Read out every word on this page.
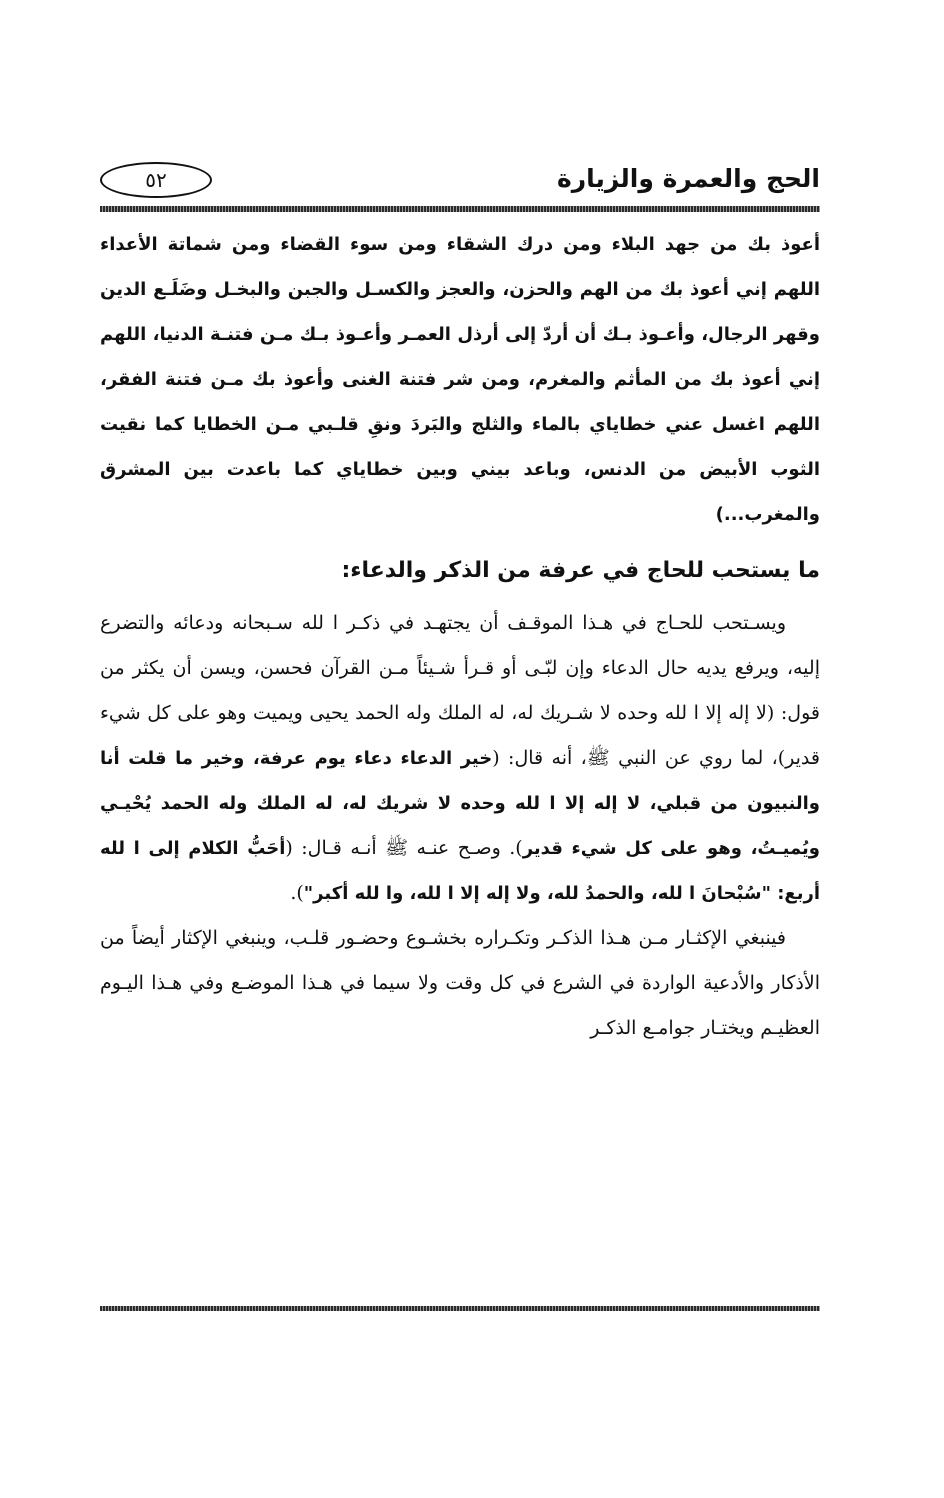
الحج والعمرة والزيارة
٥٢

أعوذ بك من جهد البلاء ومن درك الشقاء ومن سوء القضاء ومن شماتة الأعداء اللهم إني أعوذ بك من الهم والحزن، والعجز والكسـل والجبن والبخـل وضَلَـع الدين وقهر الرجال، وأعـوذ بـك أن أردّ إلى أرذل العمـر وأعـوذ بـك مـن فتنـة الدنيا، اللهم إني أعوذ بك من المأثم والمغرم، ومن شر فتنة الغنى وأعوذ بك مـن فتنة الفقر، اللهم اغسل عني خطاياي بالماء والثلج والبَردَ ونقِ قلـبي مـن الخطايا كما نقيت الثوب الأبيض من الدنس، وباعد بيني وبين خطاياي كما باعدت بين المشرق والمغرب...)

ما يستحب للحاج في عرفة من الذكر والدعاء:

ويسـتحب للحـاج في هـذا الموقـف أن يجتهـد في ذكـر ا لله سـبحانه ودعائه والتضرع إليه، ويرفع يديه حال الدعاء وإن لبّـى أو قـرأ شـيئاً مـن القرآن فحسن، ويسن أن يكثر من قول: (لا إله إلا ا لله وحده لا شـريك له، له الملك وله الحمد يحيى ويميت وهو على كل شيء قدير)، لما روي عن النبي ﷺ، أنه قال: (خير الدعاء دعاء يوم عرفة، وخير ما قلت أنا والنبيون من قبلي، لا إله إلا ا لله وحده لا شريك له، له الملك وله الحمد يُحْيـي ويُميـتُ، وهو على كل شيء قدير). وصـح عنـه ﷺ أنـه قـال: (أحَبُّ الكلام إلى ا لله أربع: "سُبْحانَ ا لله، والحمدُ لله، ولا إله إلا ا لله، وا لله أكبر").

فينبغي الإكثـار مـن هـذا الذكـر وتكـراره بخشـوع وحضـور قلـب، وينبغي الإكثار أيضاً من الأذكار والأدعية الواردة في الشرع في كل وقت ولا سيما في هـذا الموضـع وفي هـذا اليـوم العظيـم ويختـار جوامـع الذكـر
